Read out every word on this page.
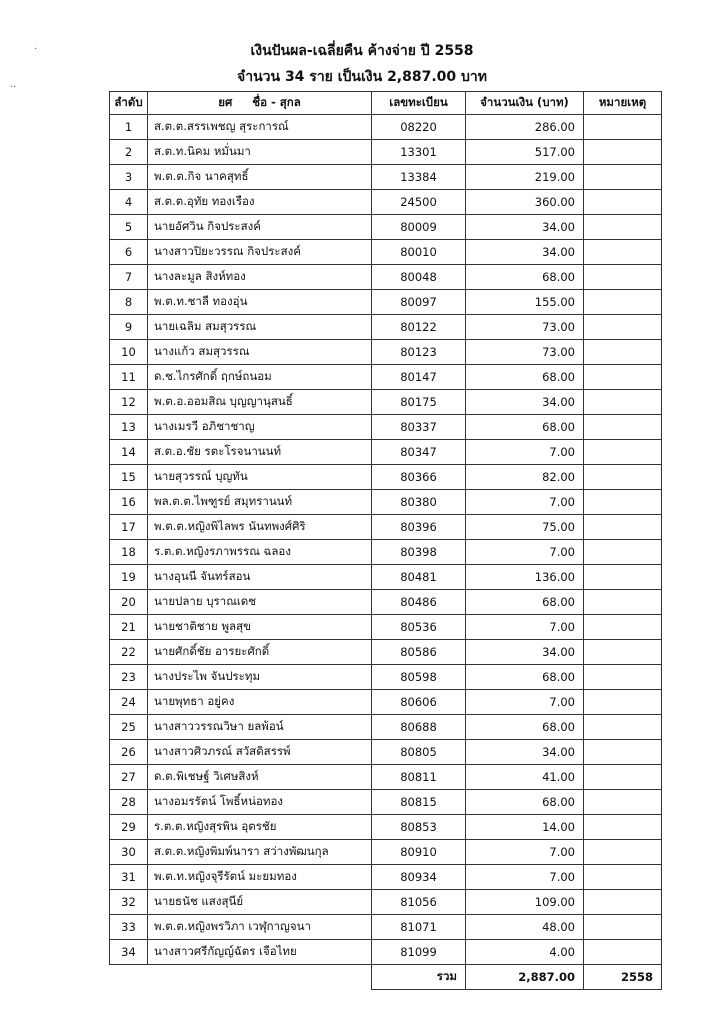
·
··
เงินปันผล-เฉลี่ยคืน ค้างจ่าย ปี 2558
จำนวน 34 ราย เป็นเงิน 2,887.00 บาท
ลำดับ	ยศ     ชื่อ - สุกล	เลขทะเบียน	จำนวนเงิน (บาท)	หมายเหตุ
1	ส.ต.ต.สรรเพชญ สุระการณ์	08220	286.00	
2	ส.ต.ท.นิคม หมั่นมา	13301	517.00	
3	พ.ต.ต.กิจ นาคสุทธิ์	13384	219.00	
4	ส.ต.ต.อุทัย ทองเรือง	24500	360.00	
5	นายอัศวิน กิจประสงค์	80009	34.00	
6	นางสาวปิยะวรรณ กิจประสงค์	80010	34.00	
7	นางละมูล สิงห์ทอง	80048	68.00	
8	พ.ต.ท.ชาลี ทองอุ่น	80097	155.00	
9	นายเฉลิม สมสุวรรณ	80122	73.00	
10	นางแก้ว สมสุวรรณ	80123	73.00	
11	ด.ช.ไกรศักดิ์ ฤกษ์ถนอม	80147	68.00	
12	พ.ต.อ.ออมสิณ บุญญานุสนธิ์	80175	34.00	
13	นางเมรวี อภิชาชาญ	80337	68.00	
14	ส.ต.อ.ชัย รตะโรจนานนท์	80347	7.00	
15	นายสุวรรณ์ บุญทัน	80366	82.00	
16	พล.ต.ต.ไพฑูรย์ สมุทรานนท์	80380	7.00	
17	พ.ต.ต.หญิงพิไลพร นันทพงศ์ศิริ	80396	75.00	
18	ร.ต.ต.หญิงรภาพรรณ ฉลอง	80398	7.00	
19	นางอุนนี จันทร์สอน	80481	136.00	
20	นายปลาย บุราณเดช	80486	68.00	
21	นายชาติชาย พูลสุข	80536	7.00	
22	นายศักดิ์ชัย อารยะศักดิ์	80586	34.00	
23	นางประไพ จันประทุม	80598	68.00	
24	นายพุทธา อยู่คง	80606	7.00	
25	นางสาววรรณวิษา ยลพ้อน์	80688	68.00	
26	นางสาวศิวภรณ์ สวัสดิสรรพ์	80805	34.00	
27	ด.ต.พิเชษฐ์ วิเศษสิงห์	80811	41.00	
28	นางอมรรัตน์ โพธิ์หน่อทอง	80815	68.00	
29	ร.ต.ต.หญิงสุรพิน อุตรชัย	80853	14.00	
30	ส.ต.ต.หญิงพิมพ์นารา สว่างพัฒนกุล	80910	7.00	
31	พ.ต.ท.หญิงจุรีรัตน์ มะยมทอง	80934	7.00	
32	นายธนัช แสงสุนีย์	81056	109.00	
33	พ.ต.ต.หญิงพรวิภา เวฬุกาญจนา	81071	48.00	
34	นางสาวศรีกัญญ์ฉัตร เจือไทย	81099	4.00	
		รวม	2,887.00	2558
